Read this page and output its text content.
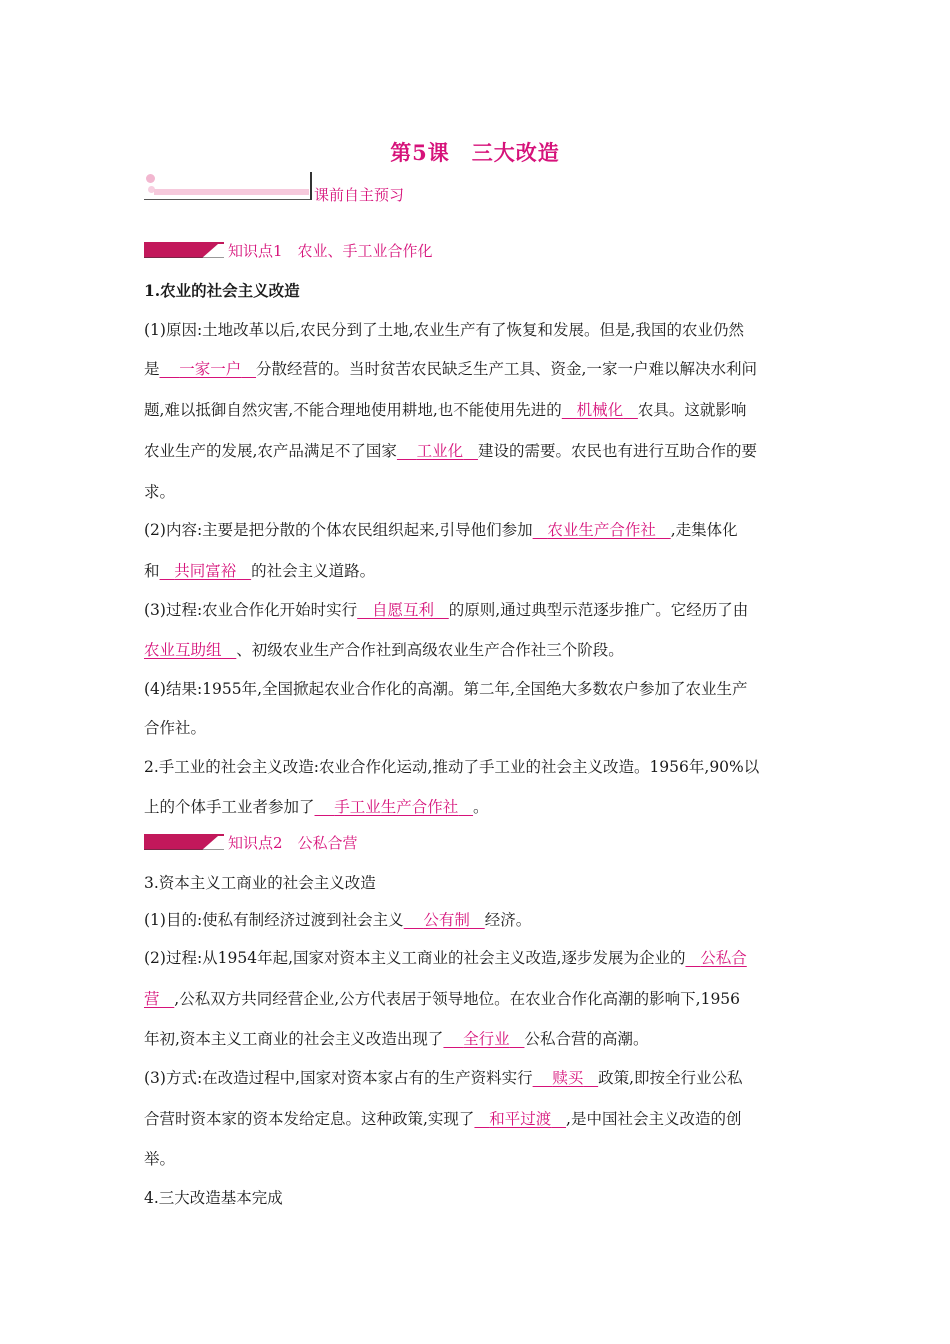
第5课　三大改造
课前自主预习
知识点1　农业、手工业合作化
1.农业的社会主义改造
(1)原因:土地改革以后,农民分到了土地,农业生产有了恢复和发展。但是,我国的农业仍然
是 一家一户 分散经营的。当时贫苦农民缺乏生产工具、资金,一家一户难以解决水利问
题,难以抵御自然灾害,不能合理地使用耕地,也不能使用先进的 机械化 农具。这就影响
农业生产的发展,农产品满足不了国家 工业化 建设的需要。农民也有进行互助合作的要
求。
(2)内容:主要是把分散的个体农民组织起来,引导他们参加 农业生产合作社 ,走集体化
和 共同富裕 的社会主义道路。
(3)过程:农业合作化开始时实行 自愿互利 的原则,通过典型示范逐步推广。它经历了由
农业互助组 、初级农业生产合作社到高级农业生产合作社三个阶段。
(4)结果:1955年,全国掀起农业合作化的高潮。第二年,全国绝大多数农户参加了农业生产
合作社。
2.手工业的社会主义改造:农业合作化运动,推动了手工业的社会主义改造。1956年,90%以
上的个体手工业者参加了 手工业生产合作社 。
知识点2　公私合营
3.资本主义工商业的社会主义改造
(1)目的:使私有制经济过渡到社会主义 公有制 经济。
(2)过程:从1954年起,国家对资本主义工商业的社会主义改造,逐步发展为企业的 公私合
营 ,公私双方共同经营企业,公方代表居于领导地位。在农业合作化高潮的影响下,1956
年初,资本主义工商业的社会主义改造出现了 全行业 公私合营的高潮。
(3)方式:在改造过程中,国家对资本家占有的生产资料实行 赎买 政策,即按全行业公私
合营时资本家的资本发给定息。这种政策,实现了 和平过渡 ,是中国社会主义改造的创
举。
4.三大改造基本完成
